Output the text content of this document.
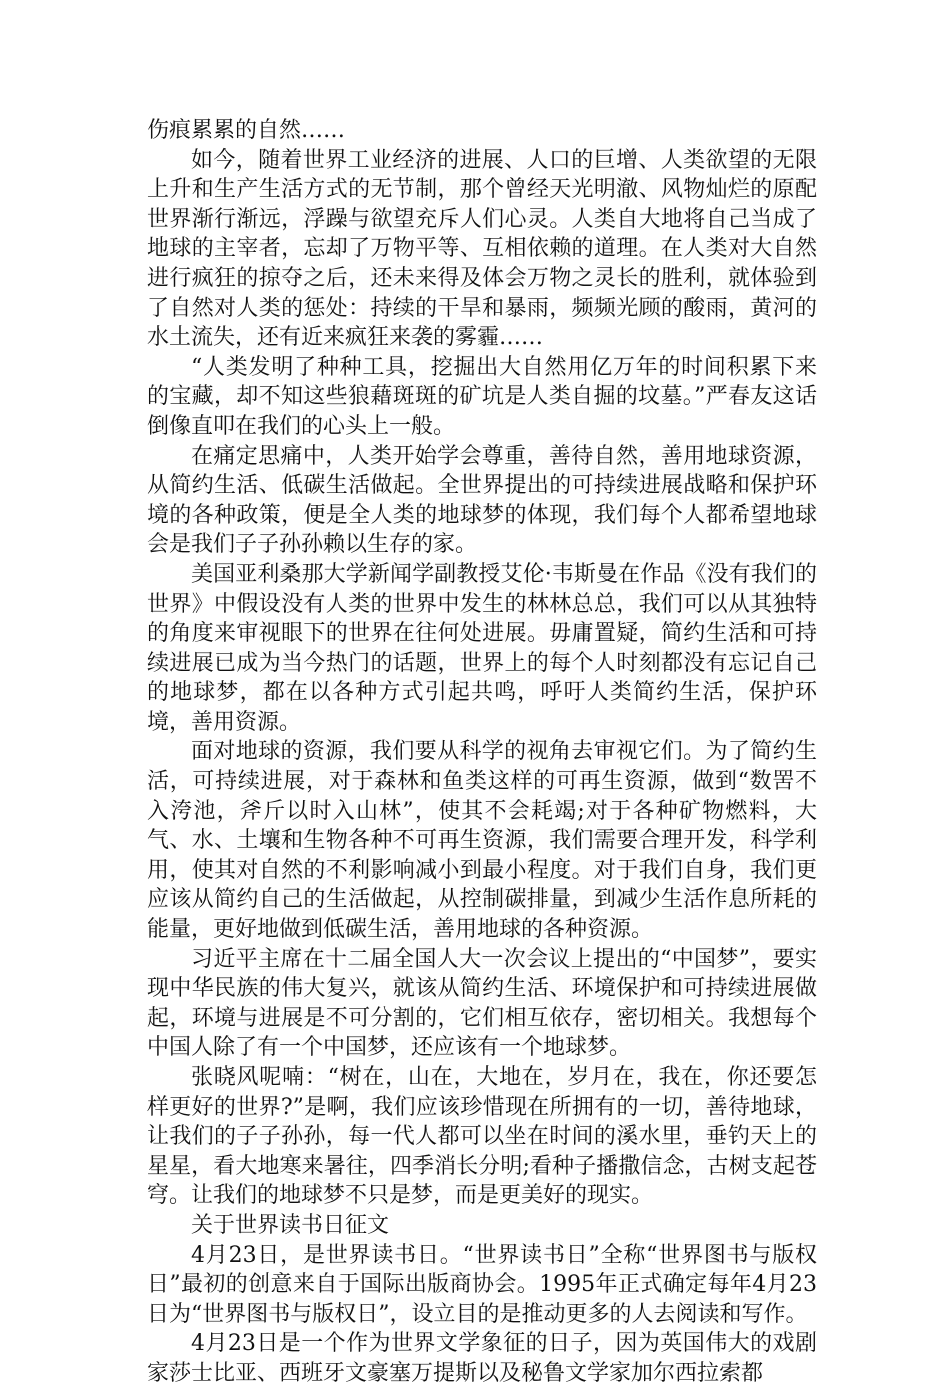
伤痕累累的自然……

如今，随着世界工业经济的进展、人口的巨增、人类欲望的无限上升和生产生活方式的无节制，那个曾经天光明澈、风物灿烂的原配世界渐行渐远，浮躁与欲望充斥人们心灵。人类自大地将自己当成了地球的主宰者，忘却了万物平等、互相依赖的道理。在人类对大自然进行疯狂的掠夺之后，还未来得及体会万物之灵长的胜利，就体验到了自然对人类的惩处：持续的干旱和暴雨，频频光顾的酸雨，黄河的水土流失，还有近来疯狂来袭的雾霾……

“人类发明了种种工具，挖掘出大自然用亿万年的时间积累下来的宝藏，却不知这些狼藉斑斑的矿坑是人类自掘的坟墓。”严春友这话倒像直叩在我们的心头上一般。

在痛定思痛中，人类开始学会尊重，善待自然，善用地球资源，从简约生活、低碳生活做起。全世界提出的可持续进展战略和保护环境的各种政策，便是全人类的地球梦的体现，我们每个人都希望地球会是我们子子孙孙赖以生存的家。

美国亚利桑那大学新闻学副教授艾伦·韦斯曼在作品《没有我们的世界》中假设没有人类的世界中发生的林林总总，我们可以从其独特的角度来审视眼下的世界在往何处进展。毋庸置疑，简约生活和可持续进展已成为当今热门的话题，世界上的每个人时刻都没有忘记自己的地球梦，都在以各种方式引起共鸣，呼吁人类简约生活，保护环境，善用资源。

面对地球的资源，我们要从科学的视角去审视它们。为了简约生活，可持续进展，对于森林和鱼类这样的可再生资源，做到“数罟不入洿池，斧斤以时入山林”，使其不会耗竭;对于各种矿物燃料，大气、水、土壤和生物各种不可再生资源，我们需要合理开发，科学利用，使其对自然的不利影响减小到最小程度。对于我们自身，我们更应该从简约自己的生活做起，从控制碳排量，到减少生活作息所耗的能量，更好地做到低碳生活，善用地球的各种资源。

习近平主席在十二届全国人大一次会议上提出的“中国梦”，要实现中华民族的伟大复兴，就该从简约生活、环境保护和可持续进展做起，环境与进展是不可分割的，它们相互依存，密切相关。我想每个中国人除了有一个中国梦，还应该有一个地球梦。

张晓风呢喃：“树在，山在，大地在，岁月在，我在，你还要怎样更好的世界?”是啊，我们应该珍惜现在所拥有的一切，善待地球，让我们的子子孙孙，每一代人都可以坐在时间的溪水里，垂钓天上的星星，看大地寒来暑往，四季消长分明;看种子播撒信念，古树支起苍穹。让我们的地球梦不只是梦，而是更美好的现实。

关于世界读书日征文

4月23日，是世界读书日。“世界读书日”全称“世界图书与版权日”最初的创意来自于国际出版商协会。1995年正式确定每年4月23日为“世界图书与版权日”，设立目的是推动更多的人去阅读和写作。

4月23日是一个作为世界文学象征的日子，因为英国伟大的戏剧家莎士比亚、西班牙文豪塞万提斯以及秘鲁文学家加尔西拉索都
